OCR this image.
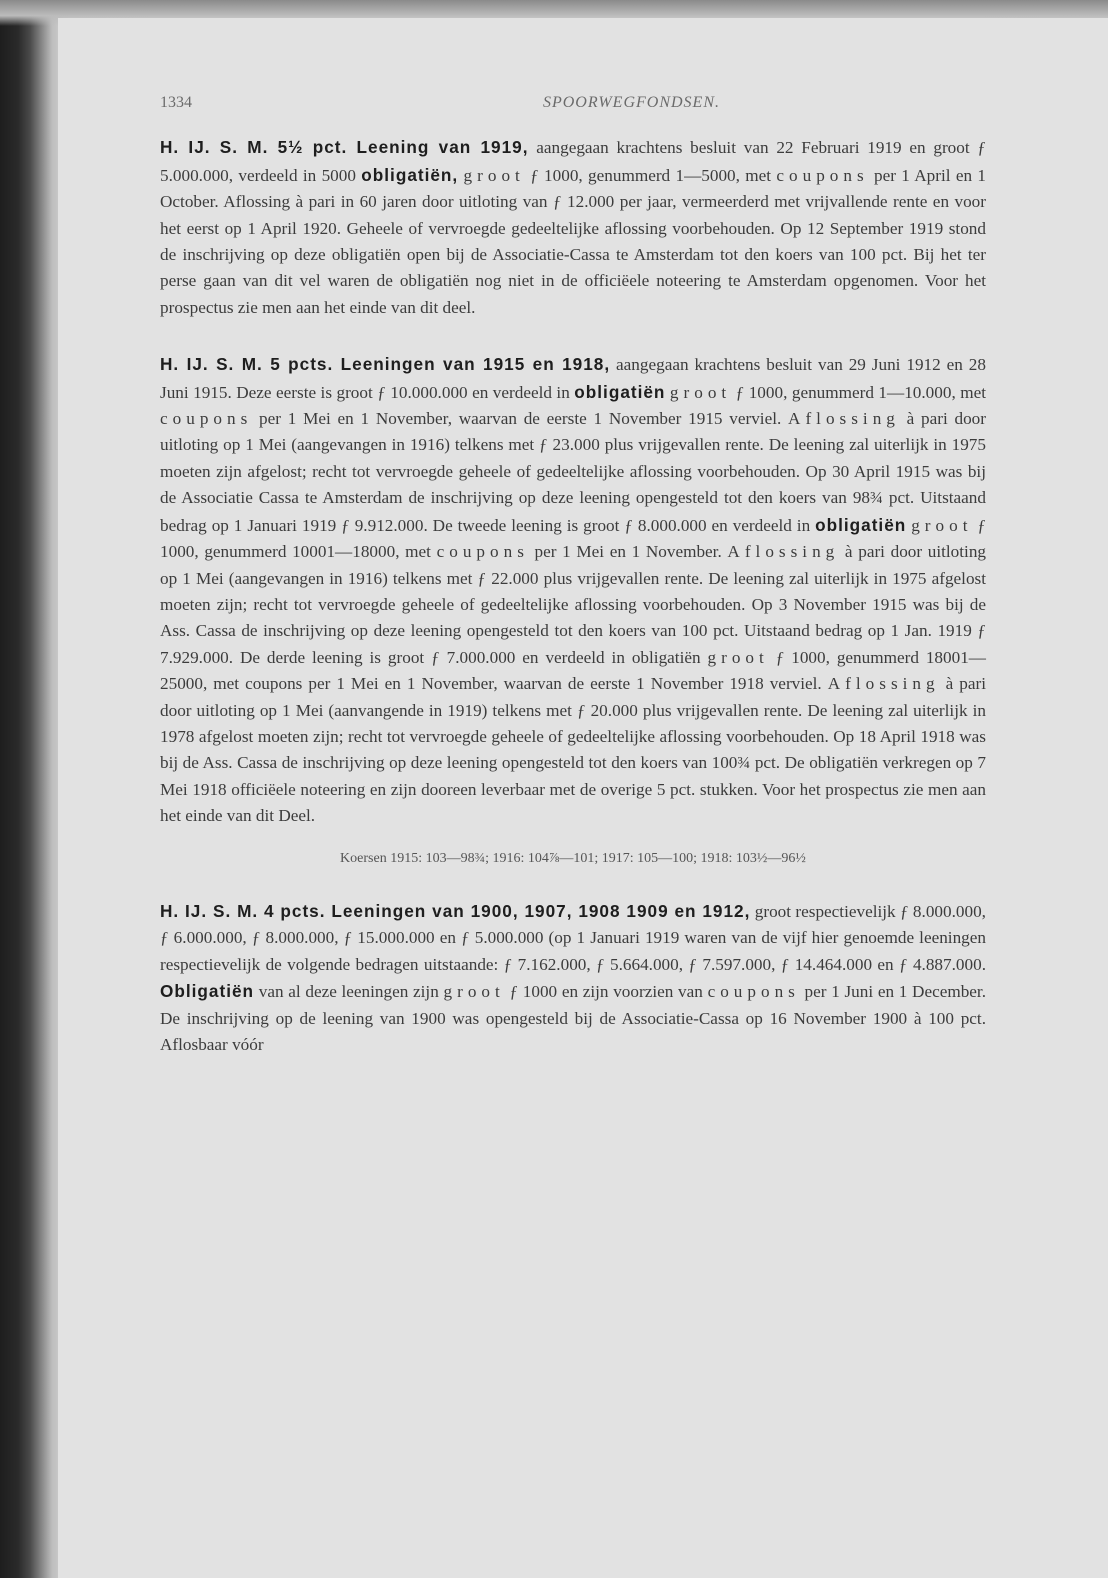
1334	SPOORWEGFONDSEN.

H. IJ. S. M. 5½ pct. Leening van 1919, aangegaan krachtens besluit van 22 Februari 1919 en groot ƒ 5.000.000, verdeeld in 5000 obligatiën, groot ƒ 1000, genummerd 1—5000, met coupons per 1 April en 1 October. Aflossing à pari in 60 jaren door uitloting van ƒ 12.000 per jaar, vermeerderd met vrijvallende rente en voor het eerst op 1 April 1920. Geheele of vervroegde gedeeltelijke aflossing voorbehouden. Op 12 September 1919 stond de inschrijving op deze obligatiën open bij de Associatie-Cassa te Amsterdam tot den koers van 100 pct. Bij het ter perse gaan van dit vel waren de obligatiën nog niet in de officiëele noteering te Amsterdam opgenomen. Voor het prospectus zie men aan het einde van dit deel.

H. IJ. S. M. 5 pcts. Leeningen van 1915 en 1918, aangegaan krachtens besluit van 29 Juni 1912 en 28 Juni 1915. Deze eerste is groot ƒ 10.000.000 en verdeeld in obligatiën groot ƒ 1000, genummerd 1—10.000, met coupons per 1 Mei en 1 November, waarvan de eerste 1 November 1915 verviel. Aflossing à pari door uitloting op 1 Mei (aangevangen in 1916) telkens met ƒ 23.000 plus vrijgevallen rente. De leening zal uiterlijk in 1975 moeten zijn afgelost; recht tot vervroegde geheele of gedeeltelijke aflossing voorbehouden. Op 30 April 1915 was bij de Associatie Cassa te Amsterdam de inschrijving op deze leening opengesteld tot den koers van 98¾ pct. Uitstaand bedrag op 1 Januari 1919 ƒ 9.912.000. De tweede leening is groot ƒ 8.000.000 en verdeeld in obligatiën groot ƒ 1000, genummerd 10001—18000, met coupons per 1 Mei en 1 November. Aflossing à pari door uitloting op 1 Mei (aangevangen in 1916) telkens met ƒ 22.000 plus vrijgevallen rente. De leening zal uiterlijk in 1975 afgelost moeten zijn; recht tot vervroegde geheele of gedeeltelijke aflossing voorbehouden. Op 3 November 1915 was bij de Ass. Cassa de inschrijving op deze leening opengesteld tot den koers van 100 pct. Uitstaand bedrag op 1 Jan. 1919 ƒ 7.929.000. De derde leening is groot ƒ 7.000.000 en verdeeld in obligatiën groot ƒ 1000, genummerd 18001—25000, met coupons per 1 Mei en 1 November, waarvan de eerste 1 November 1918 verviel. Aflossing à pari door uitloting op 1 Mei (aanvangende in 1919) telkens met ƒ 20.000 plus vrijgevallen rente. De leening zal uiterlijk in 1978 afgelost moeten zijn; recht tot vervroegde geheele of gedeeltelijke aflossing voorbehouden. Op 18 April 1918 was bij de Ass. Cassa de inschrijving op deze leening opengesteld tot den koers van 100¾ pct. De obligatiën verkregen op 7 Mei 1918 officiëele noteering en zijn dooreen leverbaar met de overige 5 pct. stukken. Voor het prospectus zie men aan het einde van dit Deel.

Koersen 1915: 103—98¾; 1916: 104⅞—101; 1917: 105—100; 1918: 103½—96½

H. IJ. S. M. 4 pcts. Leeningen van 1900, 1907, 1908 1909 en 1912, groot respectievelijk ƒ 8.000.000, ƒ 6.000.000, ƒ 8.000.000, ƒ 15.000.000 en ƒ 5.000.000 (op 1 Januari 1919 waren van de vijf hier genoemde leeningen respectievelijk de volgende bedragen uitstaande: ƒ 7.162.000, ƒ 5.664.000, ƒ 7.597.000, ƒ 14.464.000 en ƒ 4.887.000. Obligatiën van al deze leeningen zijn groot ƒ 1000 en zijn voorzien van coupons per 1 Juni en 1 December. De inschrijving op de leening van 1900 was opengesteld bij de Associatie-Cassa op 16 November 1900 à 100 pct. Aflosbaar vóór
